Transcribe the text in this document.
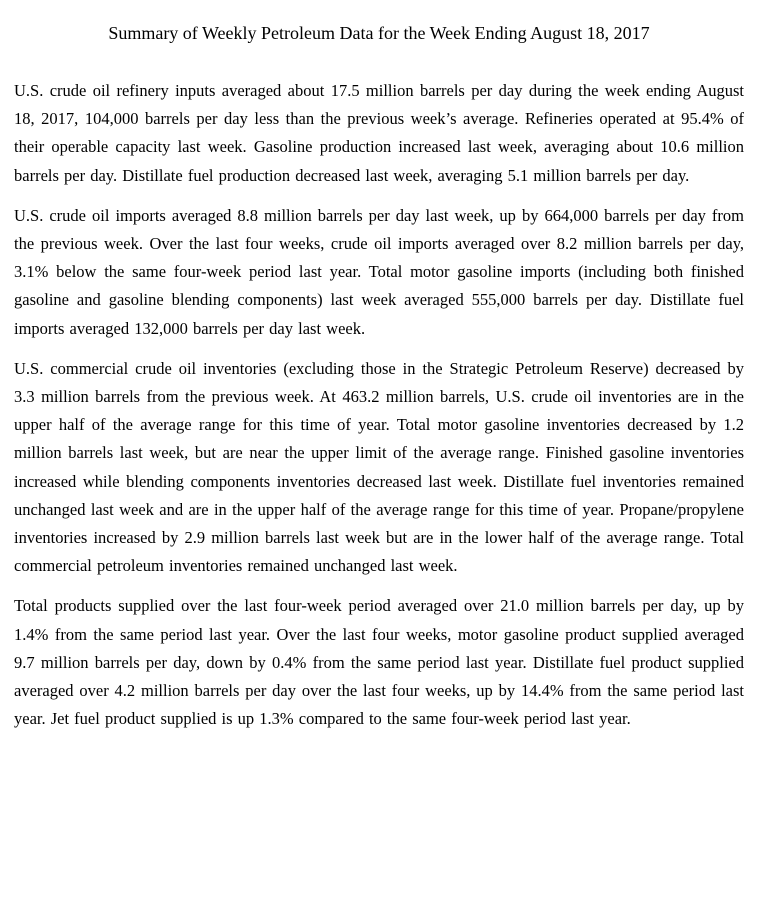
Summary of Weekly Petroleum Data for the Week Ending August 18, 2017

U.S. crude oil refinery inputs averaged about 17.5 million barrels per day during the week ending August 18, 2017, 104,000 barrels per day less than the previous week’s average. Refineries operated at 95.4% of their operable capacity last week. Gasoline production increased last week, averaging about 10.6 million barrels per day. Distillate fuel production decreased last week, averaging 5.1 million barrels per day.

U.S. crude oil imports averaged 8.8 million barrels per day last week, up by 664,000 barrels per day from the previous week. Over the last four weeks, crude oil imports averaged over 8.2 million barrels per day, 3.1% below the same four-week period last year. Total motor gasoline imports (including both finished gasoline and gasoline blending components) last week averaged 555,000 barrels per day. Distillate fuel imports averaged 132,000 barrels per day last week.

U.S. commercial crude oil inventories (excluding those in the Strategic Petroleum Reserve) decreased by 3.3 million barrels from the previous week. At 463.2 million barrels, U.S. crude oil inventories are in the upper half of the average range for this time of year. Total motor gasoline inventories decreased by 1.2 million barrels last week, but are near the upper limit of the average range. Finished gasoline inventories increased while blending components inventories decreased last week. Distillate fuel inventories remained unchanged last week and are in the upper half of the average range for this time of year. Propane/propylene inventories increased by 2.9 million barrels last week but are in the lower half of the average range. Total commercial petroleum inventories remained unchanged last week.

Total products supplied over the last four-week period averaged over 21.0 million barrels per day, up by 1.4% from the same period last year. Over the last four weeks, motor gasoline product supplied averaged 9.7 million barrels per day, down by 0.4% from the same period last year. Distillate fuel product supplied averaged over 4.2 million barrels per day over the last four weeks, up by 14.4% from the same period last year. Jet fuel product supplied is up 1.3% compared to the same four-week period last year.
